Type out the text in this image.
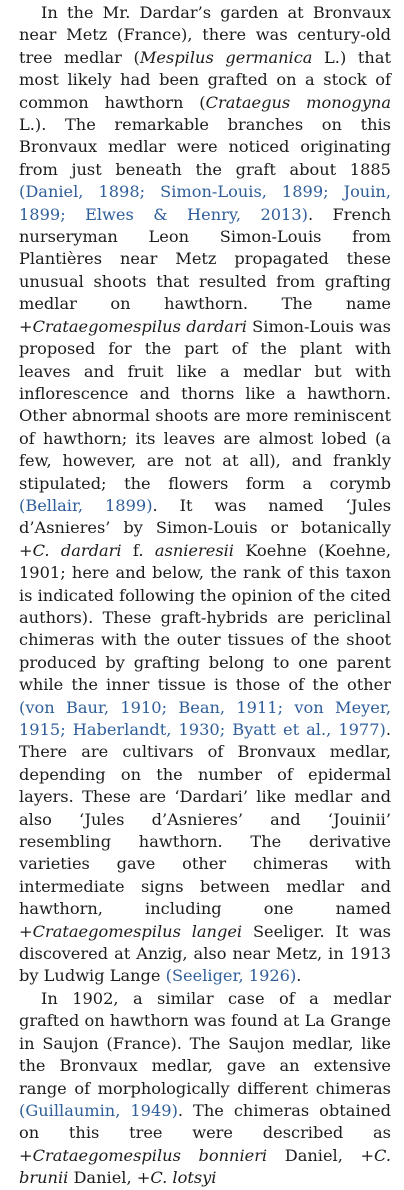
In the Mr. Dardar’s garden at Bronvaux near Metz (France), there was century-old tree medlar (Mespilus germanica L.) that most likely had been grafted on a stock of common hawthorn (Crataegus monogyna L.). The remarkable branches on this Bronvaux medlar were noticed originating from just beneath the graft about 1885 (Daniel, 1898; Simon-Louis, 1899; Jouin, 1899; Elwes & Henry, 2013). French nurseryman Leon Simon-Louis from Plantières near Metz propagated these unusual shoots that resulted from grafting medlar on hawthorn. The name +Crataegomespilus dardari Simon-Louis was proposed for the part of the plant with leaves and fruit like a medlar but with inflorescence and thorns like a hawthorn. Other abnormal shoots are more reminiscent of hawthorn; its leaves are almost lobed (a few, however, are not at all), and frankly stipulated; the flowers form a corymb (Bellair, 1899). It was named ‘Jules d’Asnieres’ by Simon-Louis or botanically +C. dardari f. asnieresii Koehne (Koehne, 1901; here and below, the rank of this taxon is indicated following the opinion of the cited authors). These graft-hybrids are periclinal chimeras with the outer tissues of the shoot produced by grafting belong to one parent while the inner tissue is those of the other (von Baur, 1910; Bean, 1911; von Meyer, 1915; Haberlandt, 1930; Byatt et al., 1977). There are cultivars of Bronvaux medlar, depending on the number of epidermal layers. These are ‘Dardari’ like medlar and also ‘Jules d’Asnieres’ and ‘Jouinii’ resembling hawthorn. The derivative varieties gave other chimeras with intermediate signs between medlar and hawthorn, including one named +Crataegomespilus langei Seeliger. It was discovered at Anzig, also near Metz, in 1913 by Ludwig Lange (Seeliger, 1926).

In 1902, a similar case of a medlar grafted on hawthorn was found at La Grange in Saujon (France). The Saujon medlar, like the Bronvaux medlar, gave an extensive range of morphologically different chimeras (Guillaumin, 1949). The chimeras obtained on this tree were described as +Crataegomespilus bonnieri Daniel, +C. brunii Daniel, +C. lotsyi
